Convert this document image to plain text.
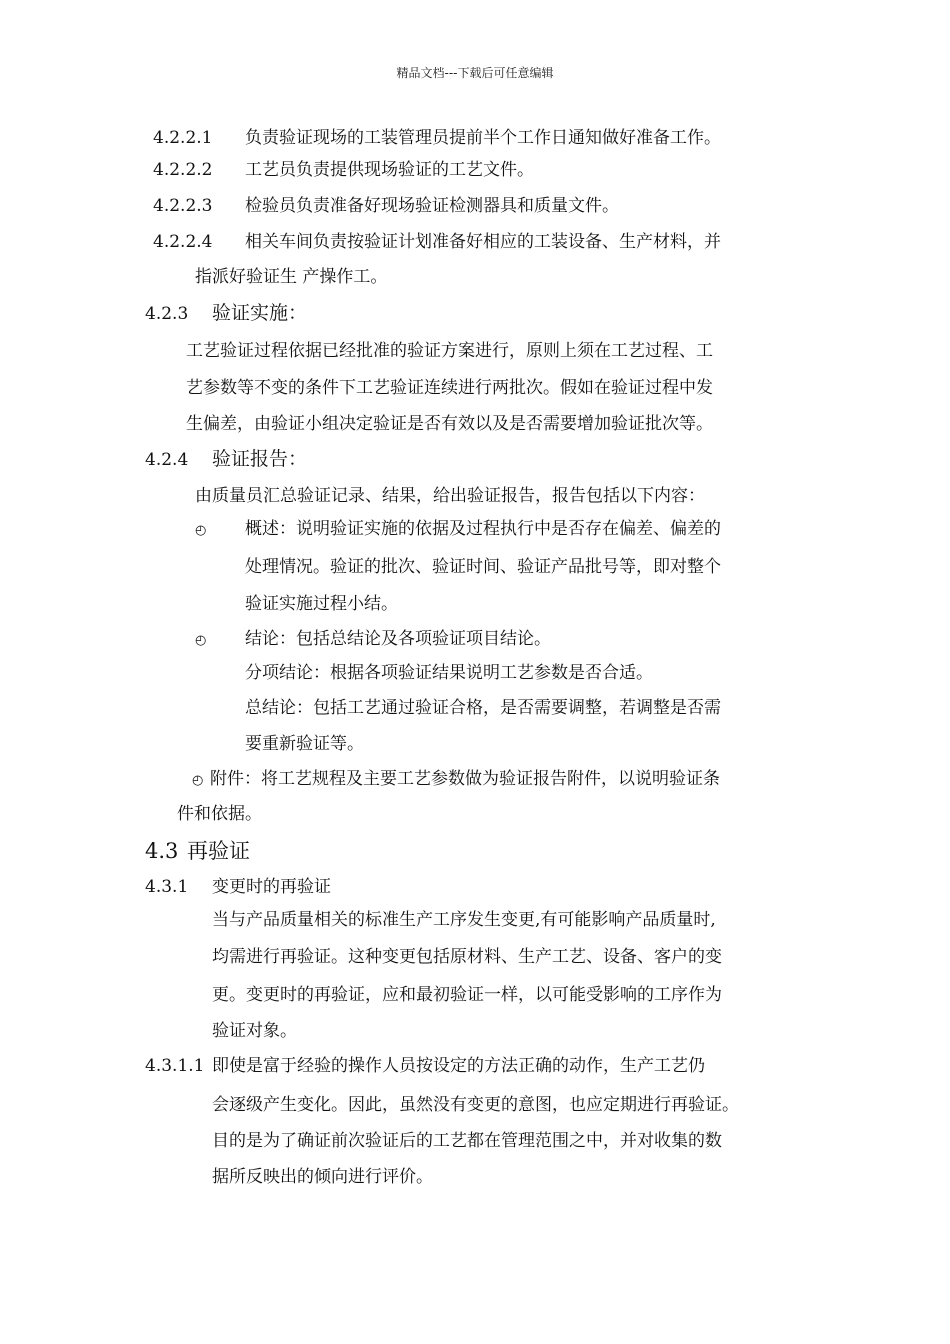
精品文档---下载后可任意编辑
4.2.2.1 负责验证现场的工装管理员提前半个工作日通知做好准备工作。
4.2.2.2 工艺员负责提供现场验证的工艺文件。
4.2.2.3 检验员负责准备好现场验证检测器具和质量文件。
4.2.2.4 相关车间负责按验证计划准备好相应的工装设备、生产材料，并
指派好验证生 产操作工。
4.2.3 验证实施：
工艺验证过程依据已经批准的验证方案进行，原则上须在工艺过程、工
艺参数等不变的条件下工艺验证连续进行两批次。假如在验证过程中发
生偏差，由验证小组决定验证是否有效以及是否需要增加验证批次等。
4.2.4 验证报告：
由质量员汇总验证记录、结果，给出验证报告，报告包括以下内容：
◴ 概述：说明验证实施的依据及过程执行中是否存在偏差、偏差的
处理情况。验证的批次、验证时间、验证产品批号等，即对整个
验证实施过程小结。
◴ 结论：包括总结论及各项验证项目结论。
分项结论：根据各项验证结果说明工艺参数是否合适。
总结论：包括工艺通过验证合格，是否需要调整，若调整是否需
要重新验证等。
◴ 附件：将工艺规程及主要工艺参数做为验证报告附件，以说明验证条
件和依据。
4.3 再验证
4.3.1 变更时的再验证
当与产品质量相关的标准生产工序发生变更,有可能影响产品质量时,
均需进行再验证。这种变更包括原材料、生产工艺、设备、客户的变
更。变更时的再验证，应和最初验证一样，以可能受影响的工序作为
验证对象。
4.3.1.1 即使是富于经验的操作人员按设定的方法正确的动作，生产工艺仍
会逐级产生变化。因此，虽然没有变更的意图，也应定期进行再验证。
目的是为了确证前次验证后的工艺都在管理范围之中，并对收集的数
据所反映出的倾向进行评价。
